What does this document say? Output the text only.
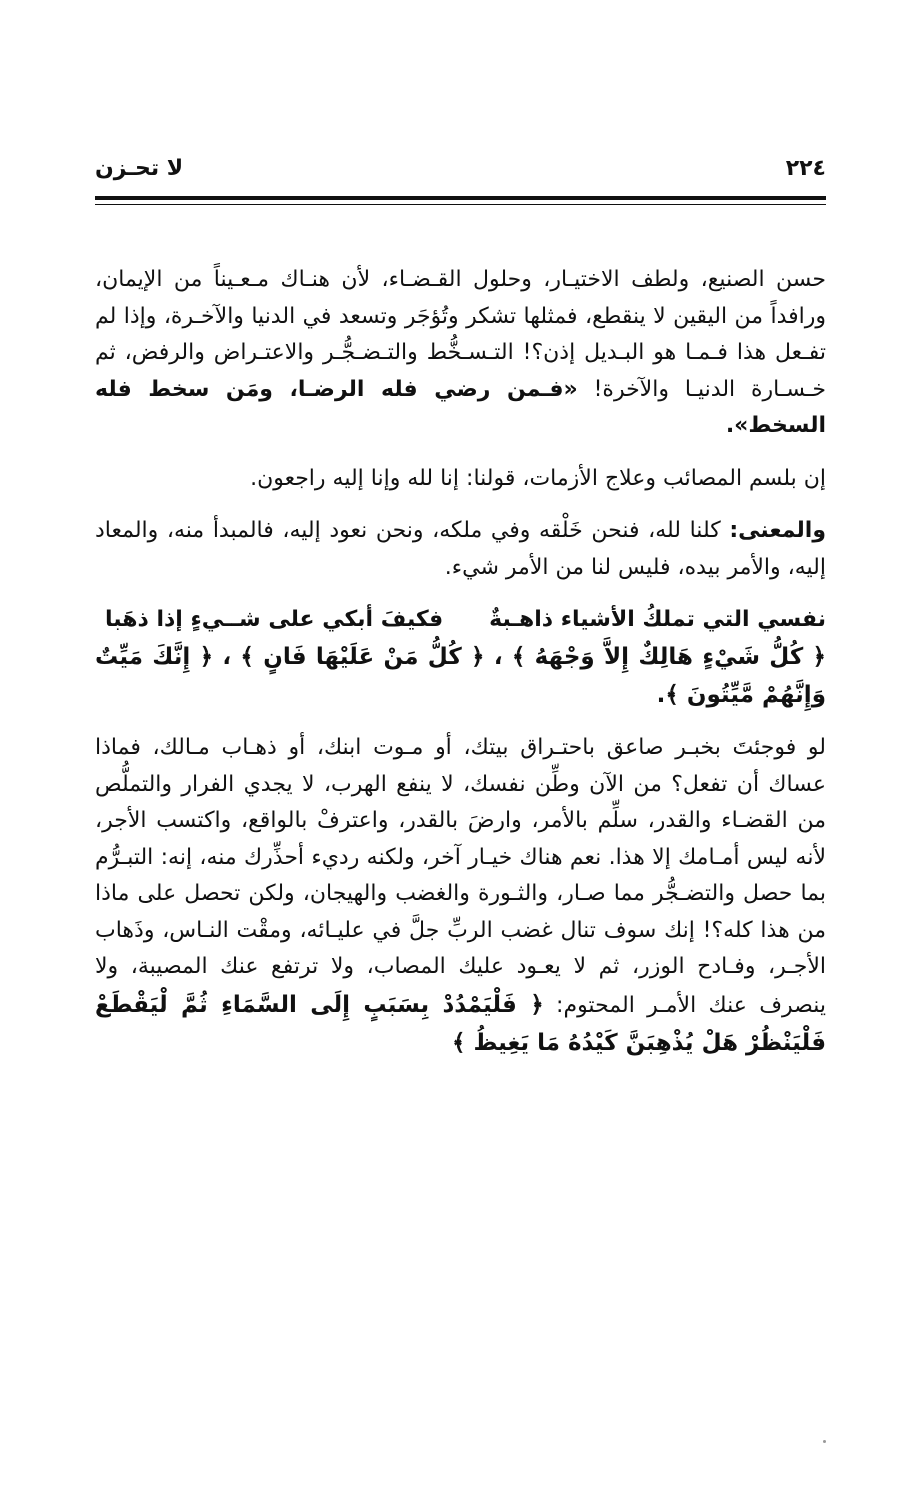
٢٢٤
لا تحـزن

حسن الصنيع، ولطف الاختيـار، وحلول القـضـاء، لأن هنـاك مـعـيناً من الإيمان، ورافداً من اليقين لا ينقطع، فمثلها تشكر وتُؤجَر وتسعد في الدنيا والآخـرة، وإذا لم تفـعل هذا فـمـا هو البـديل إذن؟! التـسـخُّط والتـضـجُّـر والاعتـراض والرفض، ثم خـسـارة الدنيـا والآخرة! «فـمن رضي فله الرضـا، ومَن سخط فله السخط».

إن بلسم المصائب وعلاج الأزمات، قولنا: إنا لله وإنا إليه راجعون.

والمعنى: كلنا لله، فنحن خَلْقه وفي ملكه، ونحن نعود إليه، فالمبدأ منه، والمعاد إليه، والأمر بيده، فليس لنا من الأمر شيء.

نفسي التي تملكُ الأشياء ذاهـبةٌ
فكيفَ أبكي على شــيءٍ إذا ذهَبا

﴿ كُلُّ شَيْءٍ هَالِكٌ إِلاَّ وَجْهَهُ ﴾ ، ﴿ كُلُّ مَنْ عَلَيْهَا فَانٍ ﴾ ، ﴿ إِنَّكَ مَيِّتٌ وَإِنَّهُمْ مَّيِّتُونَ ﴾.

لو فوجئتَ بخبـر صاعق باحتـراق بيتك، أو مـوت ابنك، أو ذهـاب مـالك، فماذا عساك أن تفعل؟ من الآن وطِّن نفسك، لا ينفع الهرب، لا يجدي الفرار والتملُّص من القضـاء والقدر، سلِّم بالأمر، وارضَ بالقدر، واعترفْ بالواقع، واكتسب الأجر، لأنه ليس أمـامك إلا هذا. نعم هناك خيـار آخر، ولكنه رديء أحذِّرك منه، إنه: التبـرُّم بما حصل والتضـجُّر مما صـار، والثـورة والغضب والهيجان، ولكن تحصل على ماذا من هذا كله؟! إنك سوف تنال غضب الربِّ جلَّ في عليـائه، ومقْت النـاس، وذَهاب الأجـر، وفـادح الوزر، ثم لا يعـود عليك المصاب، ولا ترتفع عنك المصيبة، ولا ينصرف عنك الأمـر المحتوم: ﴿ فَلْيَمْدُدْ بِسَبَبٍ إِلَى السَّمَاءِ ثُمَّ لْيَقْطَعْ فَلْيَنْظُرْ هَلْ يُذْهِبَنَّ كَيْدُهُ مَا يَغِيظُ ﴾
